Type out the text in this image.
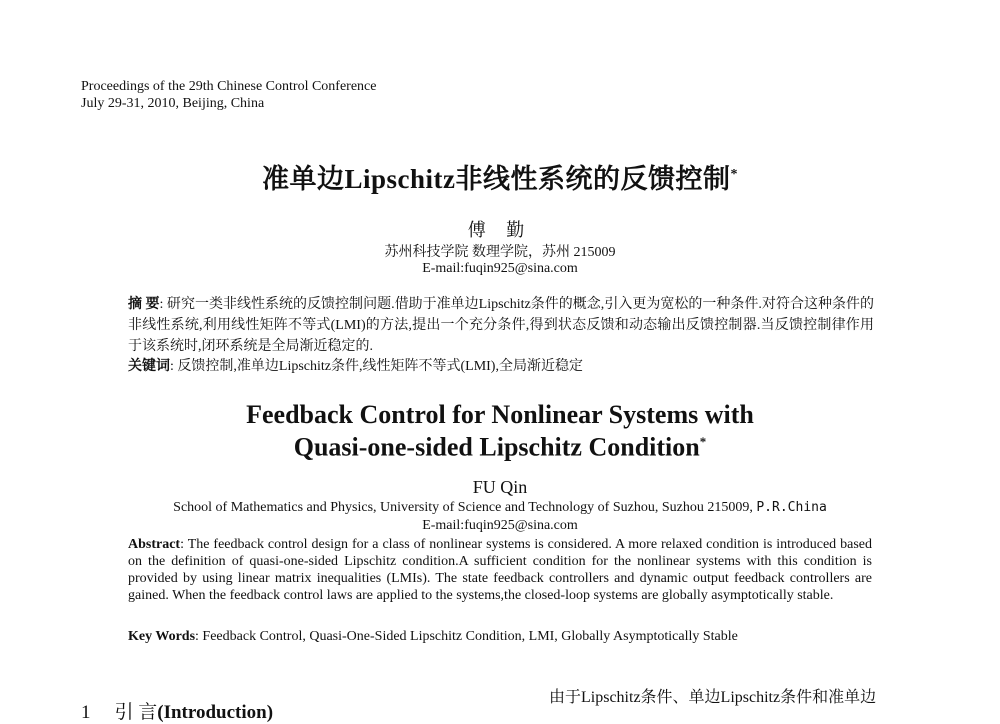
Proceedings of the 29th Chinese Control Conference
July 29-31, 2010, Beijing, China
准单边Lipschitz非线性系统的反馈控制*
傅 勤
苏州科技学院 数理学院，苏州 215009
E-mail:fuqin925@sina.com
摘 要: 研究一类非线性系统的反馈控制问题.借助于准单边Lipschitz条件的概念,引入更为宽松的一种条件.对符合这种条件的非线性系统,利用线性矩阵不等式(LMI)的方法,提出一个充分条件,得到状态反馈和动态输出反馈控制器.当反馈控制律作用于该系统时,闭环系统是全局渐近稳定的.
关键词: 反馈控制,准单边Lipschitz条件,线性矩阵不等式(LMI),全局渐近稳定
Feedback Control for Nonlinear Systems with
Quasi-one-sided Lipschitz Condition*
FU Qin
School of Mathematics and Physics, University of Science and Technology of Suzhou, Suzhou 215009, P.R.China
E-mail:fuqin925@sina.com
Abstract: The feedback control design for a class of nonlinear systems is considered. A more relaxed condition is introduced based on the definition of quasi-one-sided Lipschitz condition.A sufficient condition for the nonlinear systems with this condition is provided by using linear matrix inequalities (LMIs). The state feedback controllers and dynamic output feedback controllers are gained. When the feedback control laws are applied to the systems,the closed-loop systems are globally asymptotically stable.
Key Words: Feedback Control, Quasi-One-Sided Lipschitz Condition, LMI, Globally Asymptotically Stable
1 引 言(Introduction)
由于Lipschitz条件、单边Lipschitz条件和准单边
